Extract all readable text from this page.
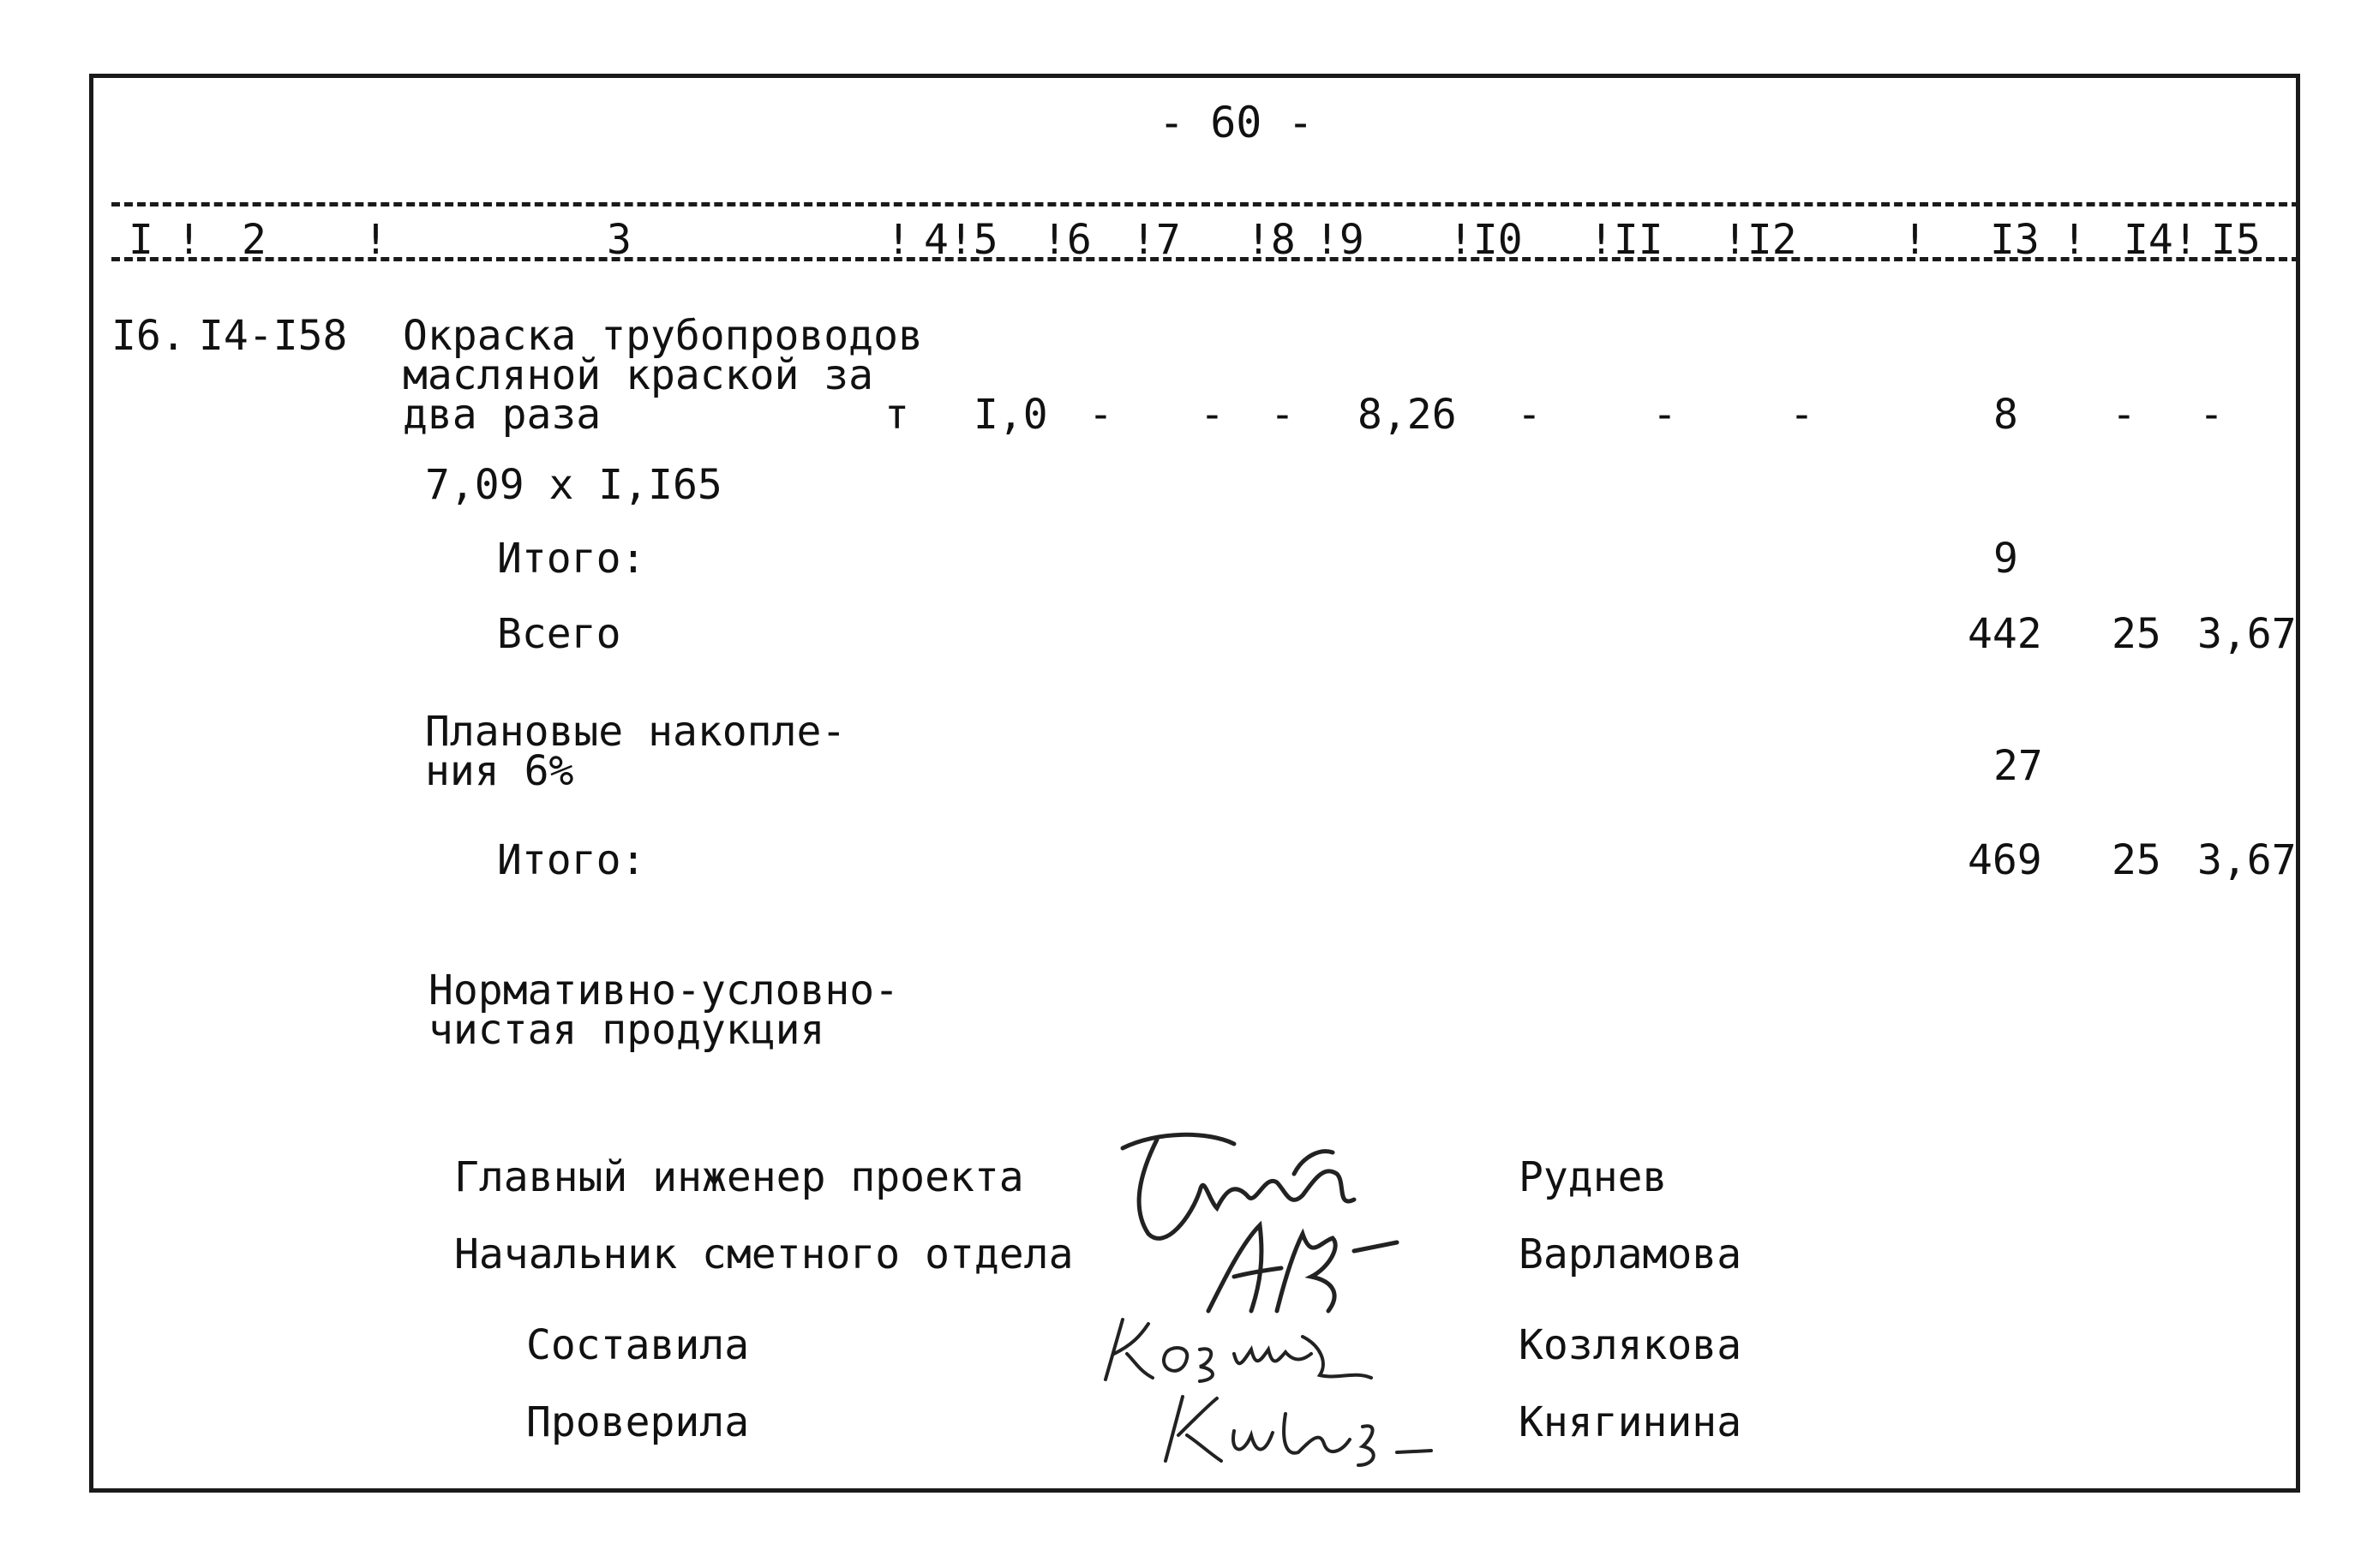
- 60 -
I ! 2 !	3	! 4!5 !6 !7 !8 !9 !I0 !II !I2	! I3 ! I4! I5
I6. I4-I58 Окраска трубопроводов
масляной краской за
два раза	т I,0 - - - 8,26 -	-	-	8 - -
7,09 х I,I65
Итого:	9
Всего	442 25 3,67
Плановые накопле-
ния 6%	27
Итого:	469 25 3,67
Нормативно-условно-
чистая продукция
Главный инженер проекта	Руднев
Начальник сметного отдела	Варламова
Составила	Козлякова
Проверила	Княгинина
